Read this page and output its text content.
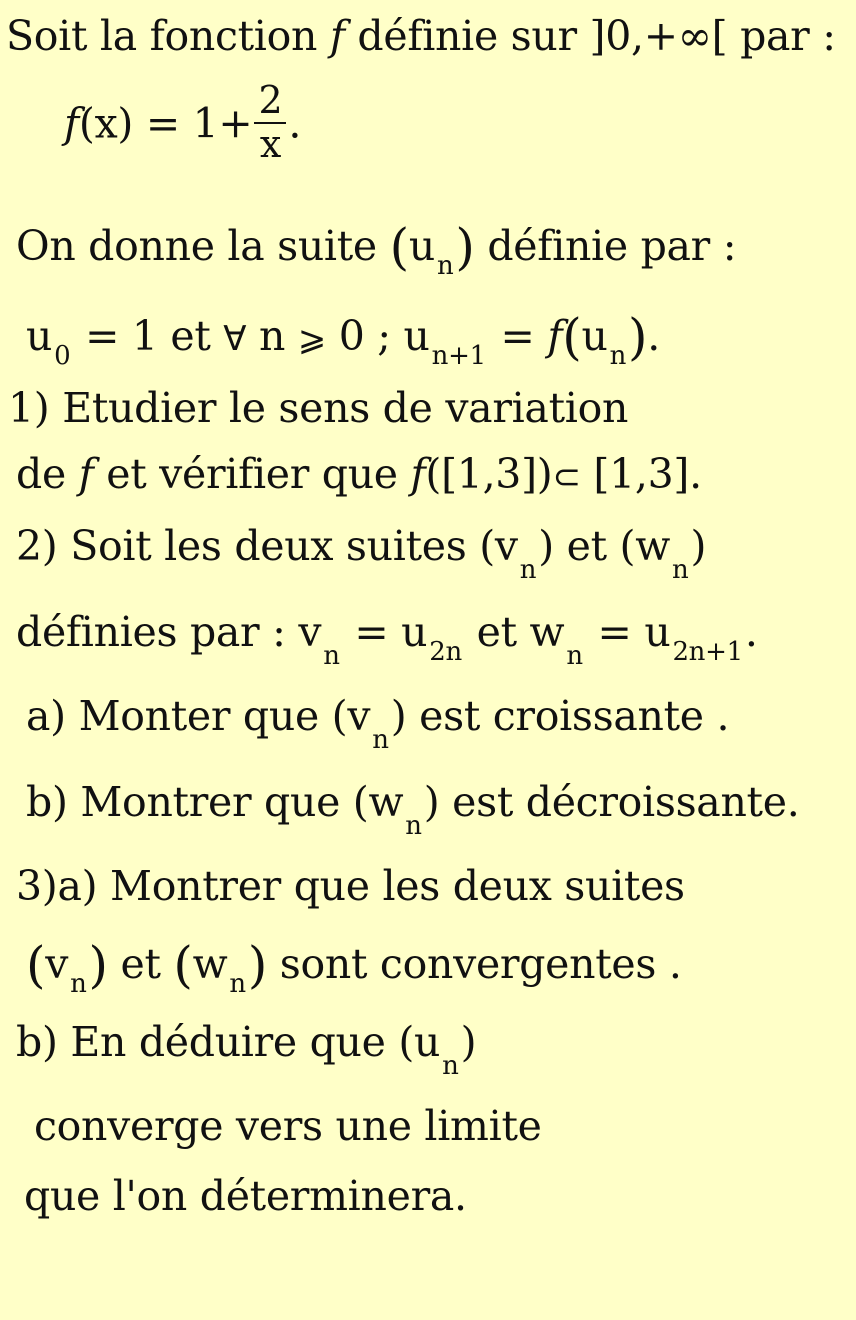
Soit la fonction f définie sur ]0,+∞[ par :
$f(x) = 1+ \frac{2}{x}$ .
On donne la suite $(u_n)$ définie par :
$u_0 = 1$ et ∀ n ⩾ 0 ; $u_{n+1} = f(u_n)$.
1) Etudier le sens de variation
de f et vérifier que f([1,3])⊂ [1,3].
2) Soit les deux suites $(v_n)$ et $(w_n)$
définies par : $v_n = u_{2n}$ et $w_n = u_{2n+1}$.
a) Monter que $(v_n)$ est croissante .
b) Montrer que $(w_n)$ est décroissante.
3)a) Montrer que les deux suites
$(v_n)$ et $(w_n)$ sont convergentes .
b) En déduire que $(u_n)$
converge vers une limite
que l'on déterminera.
